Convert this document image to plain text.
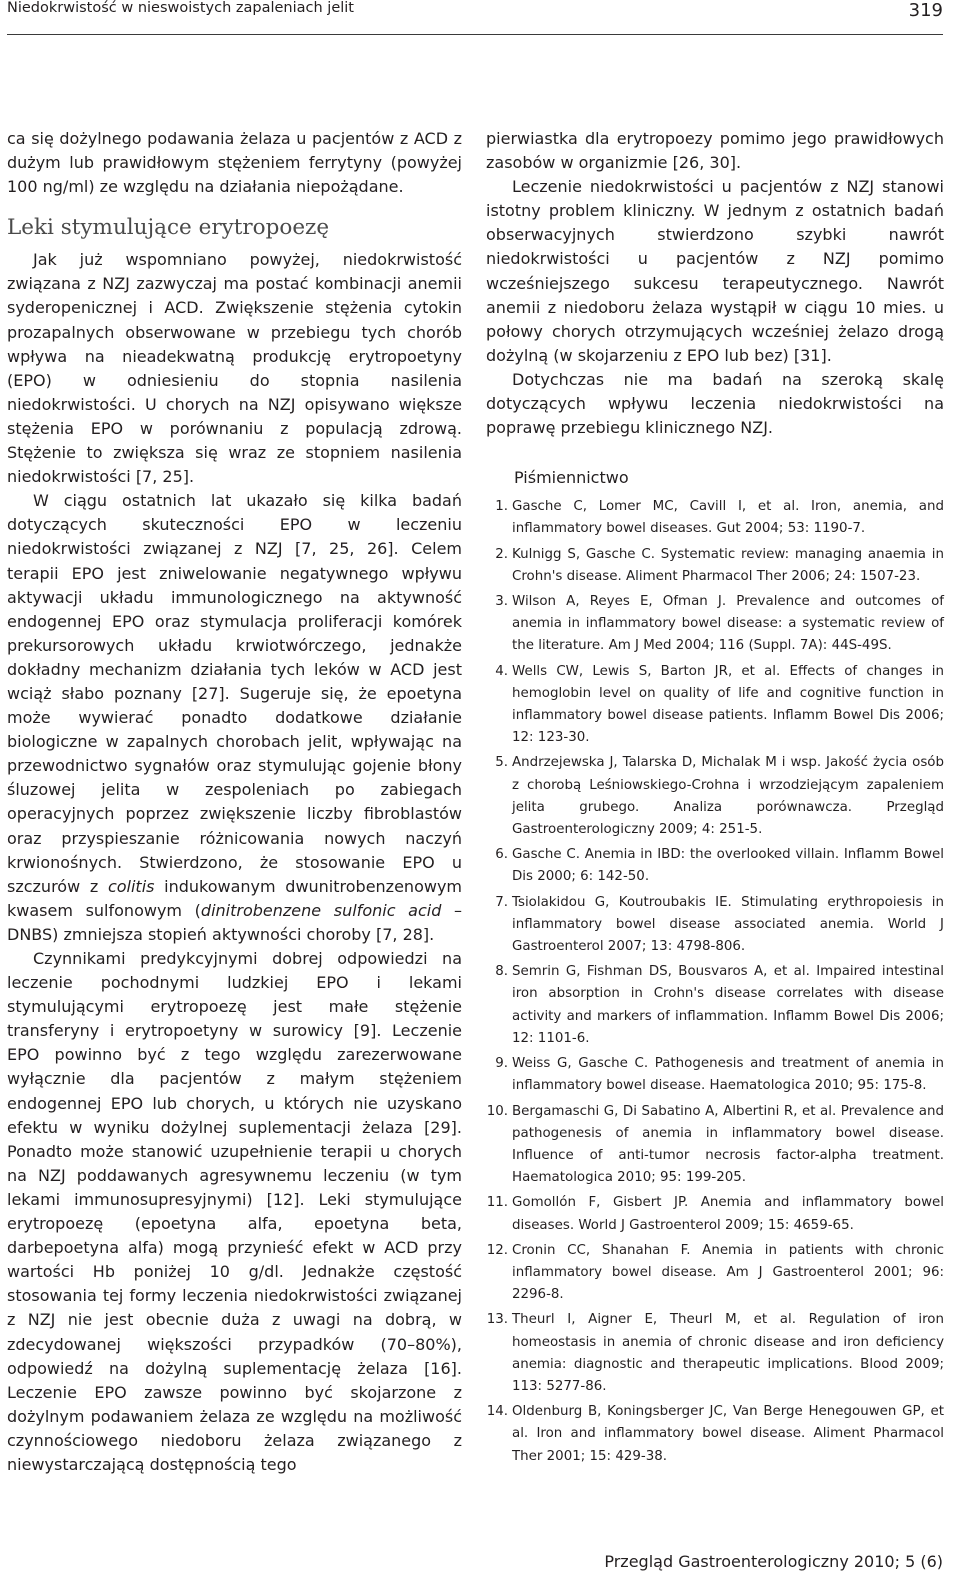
Niedokrwistość w nieswoistych zapaleniach jelit	319

ca się dożylnego podawania żelaza u pacjentów z ACD z dużym lub prawidłowym stężeniem ferrytyny (powyżej 100 ng/ml) ze względu na działania niepożądane.

Leki stymulujące erytropoezę

Jak już wspomniano powyżej, niedokrwistość związana z NZJ zazwyczaj ma postać kombinacji anemii syderopenicznej i ACD. Zwiększenie stężenia cytokin prozapalnych obserwowane w przebiegu tych chorób wpływa na nieadekwatną produkcję erytropoetyny (EPO) w odniesieniu do stopnia nasilenia niedokrwistości. U chorych na NZJ opisywano większe stężenia EPO w porównaniu z populacją zdrową. Stężenie to zwiększa się wraz ze stopniem nasilenia niedokrwistości [7, 25].

W ciągu ostatnich lat ukazało się kilka badań dotyczących skuteczności EPO w leczeniu niedokrwistości związanej z NZJ [7, 25, 26]. Celem terapii EPO jest zniwelowanie negatywnego wpływu aktywacji układu immunologicznego na aktywność endogennej EPO oraz stymulacja proliferacji komórek prekursorowych układu krwiotwórczego, jednakże dokładny mechanizm działania tych leków w ACD jest wciąż słabo poznany [27]. Sugeruje się, że epoetyna może wywierać ponadto dodatkowe działanie biologiczne w zapalnych chorobach jelit, wpływając na przewodnictwo sygnałów oraz stymulując gojenie błony śluzowej jelita w zespoleniach po zabiegach operacyjnych poprzez zwiększenie liczby fibroblastów oraz przyspieszanie różnicowania nowych naczyń krwionośnych. Stwierdzono, że stosowanie EPO u szczurów z colitis indukowanym dwunitrobenzenowym kwasem sulfonowym (dinitrobenzene sulfonic acid – DNBS) zmniejsza stopień aktywności choroby [7, 28].

Czynnikami predykcyjnymi dobrej odpowiedzi na leczenie pochodnymi ludzkiej EPO i lekami stymulującymi erytropoezę jest małe stężenie transferyny i erytropoetyny w surowicy [9]. Leczenie EPO powinno być z tego względu zarezerwowane wyłącznie dla pacjentów z małym stężeniem endogennej EPO lub chorych, u których nie uzyskano efektu w wyniku dożylnej suplementacji żelaza [29]. Ponadto może stanowić uzupełnienie terapii u chorych na NZJ poddawanych agresywnemu leczeniu (w tym lekami immunosupresyjnymi) [12]. Leki stymulujące erytropoezę (epoetyna alfa, epoetyna beta, darbepoetyna alfa) mogą przynieść efekt w ACD przy wartości Hb poniżej 10 g/dl. Jednakże częstość stosowania tej formy leczenia niedokrwistości związanej z NZJ nie jest obecnie duża z uwagi na dobrą, w zdecydowanej większości przypadków (70–80%), odpowiedź na dożylną suplementację żelaza [16]. Leczenie EPO zawsze powinno być skojarzone z dożylnym podawaniem żelaza ze względu na możliwość czynnościowego niedoboru żelaza związanego z niewystarczającą dostępnością tego

pierwiastka dla erytropoezy pomimo jego prawidłowych zasobów w organizmie [26, 30].

Leczenie niedokrwistości u pacjentów z NZJ stanowi istotny problem kliniczny. W jednym z ostatnich badań obserwacyjnych stwierdzono szybki nawrót niedokrwistości u pacjentów z NZJ pomimo wcześniejszego sukcesu terapeutycznego. Nawrót anemii z niedoboru żelaza wystąpił w ciągu 10 mies. u połowy chorych otrzymujących wcześniej żelazo drogą dożylną (w skojarzeniu z EPO lub bez) [31].

Dotychczas nie ma badań na szeroką skalę dotyczących wpływu leczenia niedokrwistości na poprawę przebiegu klinicznego NZJ.

Piśmiennictwo
1. Gasche C, Lomer MC, Cavill I, et al. Iron, anemia, and inflammatory bowel diseases. Gut 2004; 53: 1190-7.
2. Kulnigg S, Gasche C. Systematic review: managing anaemia in Crohn's disease. Aliment Pharmacol Ther 2006; 24: 1507-23.
3. Wilson A, Reyes E, Ofman J. Prevalence and outcomes of anemia in inflammatory bowel disease: a systematic review of the literature. Am J Med 2004; 116 (Suppl. 7A): 44S-49S.
4. Wells CW, Lewis S, Barton JR, et al. Effects of changes in hemoglobin level on quality of life and cognitive function in inflammatory bowel disease patients. Inflamm Bowel Dis 2006; 12: 123-30.
5. Andrzejewska J, Talarska D, Michalak M i wsp. Jakość życia osób z chorobą Leśniowskiego-Crohna i wrzodziejącym zapaleniem jelita grubego. Analiza porównawcza. Przegląd Gastroenterologiczny 2009; 4: 251-5.
6. Gasche C. Anemia in IBD: the overlooked villain. Inflamm Bowel Dis 2000; 6: 142-50.
7. Tsiolakidou G, Koutroubakis IE. Stimulating erythropoiesis in inflammatory bowel disease associated anemia. World J Gastroenterol 2007; 13: 4798-806.
8. Semrin G, Fishman DS, Bousvaros A, et al. Impaired intestinal iron absorption in Crohn's disease correlates with disease activity and markers of inflammation. Inflamm Bowel Dis 2006; 12: 1101-6.
9. Weiss G, Gasche C. Pathogenesis and treatment of anemia in inflammatory bowel disease. Haematologica 2010; 95: 175-8.
10. Bergamaschi G, Di Sabatino A, Albertini R, et al. Prevalence and pathogenesis of anemia in inflammatory bowel disease. Influence of anti-tumor necrosis factor-alpha treatment. Haematologica 2010; 95: 199-205.
11. Gomollón F, Gisbert JP. Anemia and inflammatory bowel diseases. World J Gastroenterol 2009; 15: 4659-65.
12. Cronin CC, Shanahan F. Anemia in patients with chronic inflammatory bowel disease. Am J Gastroenterol 2001; 96: 2296-8.
13. Theurl I, Aigner E, Theurl M, et al. Regulation of iron homeostasis in anemia of chronic disease and iron deficiency anemia: diagnostic and therapeutic implications. Blood 2009; 113: 5277-86.
14. Oldenburg B, Koningsberger JC, Van Berge Henegouwen GP, et al. Iron and inflammatory bowel disease. Aliment Pharmacol Ther 2001; 15: 429-38.
Przegląd Gastroenterologiczny 2010; 5 (6)
